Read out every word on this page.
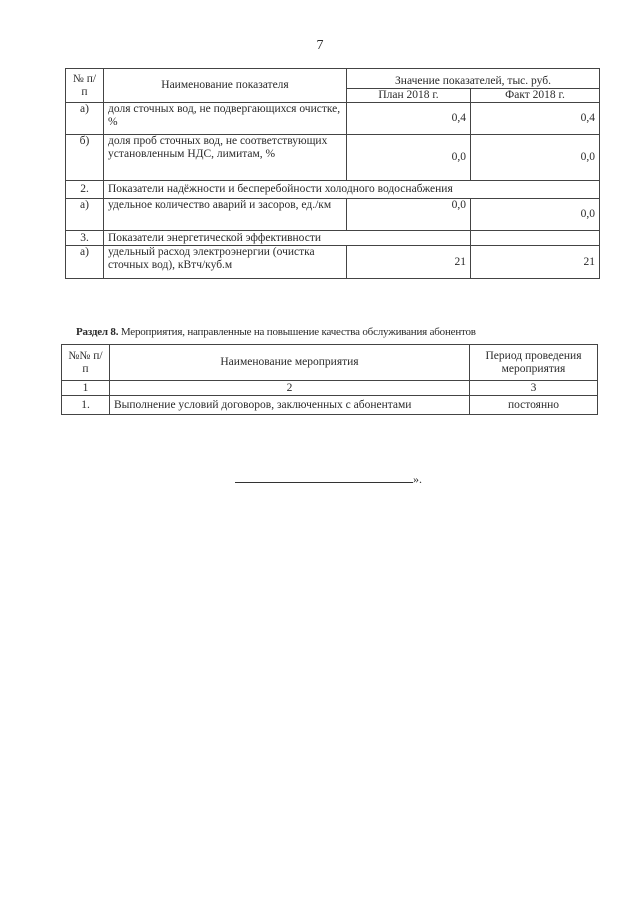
7
№ п/п	Наименование показателя	Значение показателей, тыс. руб.	
		План 2018 г.	Факт 2018 г.
а)	доля сточных вод, не подвергающихся очистке, %	0,4	0,4
б)	доля проб сточных вод, не соответствующих установленным НДС, лимитам, %	0,0	0,0
2.	Показатели надёжности и бесперебойности холодного водоснабжения		
а)	удельное количество аварий и засоров, ед./км	0,0	0,0
3.	Показатели энергетической эффективности		
а)	удельный расход электроэнергии (очистка сточных вод), кВтч/куб.м	21	21
Раздел 8. Мероприятия, направленные на повышение качества обслуживания абонентов
№№ п/п	Наименование мероприятия	Период проведения мероприятия
1	2	3
1.	Выполнение условий договоров, заключенных с абонентами	постоянно
».
